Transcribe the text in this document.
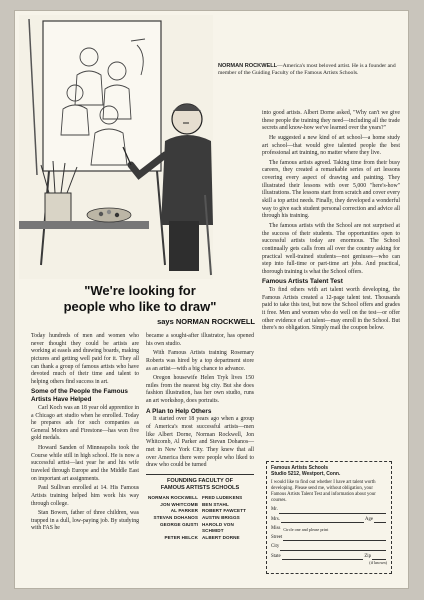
NORMAN ROCKWELL—America's most beloved artist. He is a founder and member of the Guiding Faculty of the Famous Artists Schools.
"We're looking for
people who like to draw"
says NORMAN ROCKWELL

Today hundreds of men and women who never thought they could be artists are working at easels and drawing boards, making pictures and getting well paid for it. They all can thank a group of famous artists who have devoted much of their time and talent to helping others find success in art.

Some of the People the Famous Artists Have Helped

Carl Koch was an 18 year old apprentice in a Chicago art studio when he enrolled. Today he prepares ads for such companies as General Motors and Firestone—has won five gold medals.

Howard Sanden of Minneapolis took the Course while still in high school. He is now a successful artist—last year he and his wife traveled through Europe and the Middle East on important art assignments.

Paul Sullivan enrolled at 14. His Famous Artists training helped him work his way through college.

Stan Bowen, father of three children, was trapped in a dull, low-paying job. By studying with FAS he

became a sought-after illustrator, has opened his own studio.

With Famous Artists training Rosemary Roberts was hired by a top department store as an artist—with a big chance to advance.

Oregon housewife Helen Tryk lives 150 miles from the nearest big city. But she does fashion illustration, has her own studio, runs an art workshop, does portraits.

A Plan to Help Others

It started over 18 years ago when a group of America's most successful artists—men like Albert Dorne, Norman Rockwell, Jon Whitcomb, Al Parker and Stevan Dohanos—met in New York City. They knew that all over America there were people who liked to draw who could be turned

FOUNDING FACULTY OF
FAMOUS ARTISTS SCHOOLS
NORMAN ROCKWELL FRED LUDEKENS
JON WHITCOMB BEN STAHL
AL PARKER ROBERT FAWCETT
STEVAN DOHANOS AUSTIN BRIGGS
GEORGE GIUSTI HAROLD VON SCHMIDT
PETER HELCK ALBERT DORNE

into good artists. Albert Dorne asked, "Why can't we give these people the training they need—including all the trade secrets and know-how we've learned over the years?"

He suggested a new kind of art school—a home study art school—that would give talented people the best professional art training, no matter where they live.

The famous artists agreed. Taking time from their busy careers, they created a remarkable series of art lessons covering every aspect of drawing and painting. They illustrated their lessons with over 5,000 "here's-how" illustrations. The lessons start from scratch and cover every skill a top artist needs. Finally, they developed a wonderful way to give each student personal correction and advice all through his training.

The famous artists with the School are not surprised at the success of their students. The opportunities open to successful artists today are enormous. The School continually gets calls from all over the country asking for practical well-trained students—not geniuses—who can step into full-time or part-time art jobs. And practical, thorough training is what the School offers.

Famous Artists Talent Test

To find others with art talent worth developing, the Famous Artists created a 12-page talent test. Thousands paid to take this test, but now the School offers and grades it free. Men and women who do well on the test—or offer other evidence of art talent—may enroll in the School. But there's no obligation. Simply mail the coupon below.

Famous Artists Schools
Studio 5212, Westport, Conn.
I would like to find out whether I have art talent worth developing. Please send me, without obligation, your Famous Artists Talent Test and information about your courses.
Mr.
Mrs.	Age
Miss Circle one and please print
Street
City
State	Zip
(if known)
